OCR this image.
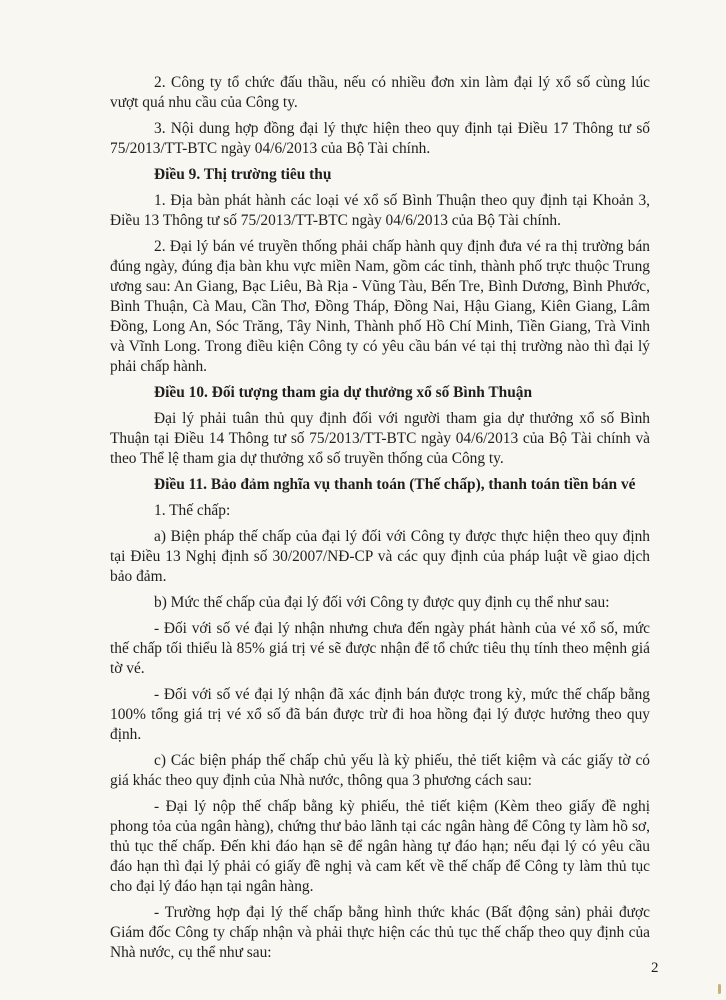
2. Công ty tổ chức đấu thầu, nếu có nhiều đơn xin làm đại lý xổ số cùng lúc vượt quá nhu cầu của Công ty.

3. Nội dung hợp đồng đại lý thực hiện theo quy định tại Điều 17 Thông tư số 75/2013/TT-BTC ngày 04/6/2013 của Bộ Tài chính.

Điều 9. Thị trường tiêu thụ

1. Địa bàn phát hành các loại vé xổ số Bình Thuận theo quy định tại Khoản 3, Điều 13 Thông tư số 75/2013/TT-BTC ngày 04/6/2013 của Bộ Tài chính.

2. Đại lý bán vé truyền thống phải chấp hành quy định đưa vé ra thị trường bán đúng ngày, đúng địa bàn khu vực miền Nam, gồm các tỉnh, thành phố trực thuộc Trung ương sau: An Giang, Bạc Liêu, Bà Rịa - Vũng Tàu, Bến Tre, Bình Dương, Bình Phước, Bình Thuận, Cà Mau, Cần Thơ, Đồng Tháp, Đồng Nai, Hậu Giang, Kiên Giang, Lâm Đồng, Long An, Sóc Trăng, Tây Ninh, Thành phố Hồ Chí Minh, Tiền Giang, Trà Vinh và Vĩnh Long. Trong điều kiện Công ty có yêu cầu bán vé tại thị trường nào thì đại lý phải chấp hành.

Điều 10. Đối tượng tham gia dự thưởng xổ số Bình Thuận

Đại lý phải tuân thủ quy định đối với người tham gia dự thưởng xổ số Bình Thuận tại Điều 14 Thông tư số 75/2013/TT-BTC ngày 04/6/2013 của Bộ Tài chính và theo Thể lệ tham gia dự thưởng xổ số truyền thống của Công ty.

Điều 11. Bảo đảm nghĩa vụ thanh toán (Thế chấp), thanh toán tiền bán vé

1. Thế chấp:

a) Biện pháp thế chấp của đại lý đối với Công ty được thực hiện theo quy định tại Điều 13 Nghị định số 30/2007/NĐ-CP và các quy định của pháp luật về giao dịch bảo đảm.

b) Mức thế chấp của đại lý đối với Công ty được quy định cụ thể như sau:

- Đối với số vé đại lý nhận nhưng chưa đến ngày phát hành của vé xổ số, mức thế chấp tối thiểu là 85% giá trị vé sẽ được nhận để tổ chức tiêu thụ tính theo mệnh giá tờ vé.

- Đối với số vé đại lý nhận đã xác định bán được trong kỳ, mức thế chấp bằng 100% tổng giá trị vé xổ số đã bán được trừ đi hoa hồng đại lý được hưởng theo quy định.

c) Các biện pháp thế chấp chủ yếu là kỳ phiếu, thẻ tiết kiệm và các giấy tờ có giá khác theo quy định của Nhà nước, thông qua 3 phương cách sau:

- Đại lý nộp thế chấp bằng kỳ phiếu, thẻ tiết kiệm (Kèm theo giấy đề nghị phong tỏa của ngân hàng), chứng thư bảo lãnh tại các ngân hàng để Công ty làm hồ sơ, thủ tục thế chấp. Đến khi đáo hạn sẽ để ngân hàng tự đáo hạn; nếu đại lý có yêu cầu đáo hạn thì đại lý phải có giấy đề nghị và cam kết về thế chấp để Công ty làm thủ tục cho đại lý đáo hạn tại ngân hàng.

- Trường hợp đại lý thế chấp bằng hình thức khác (Bất động sản) phải được Giám đốc Công ty chấp nhận và phải thực hiện các thủ tục thế chấp theo quy định của Nhà nước, cụ thể như sau:

2
